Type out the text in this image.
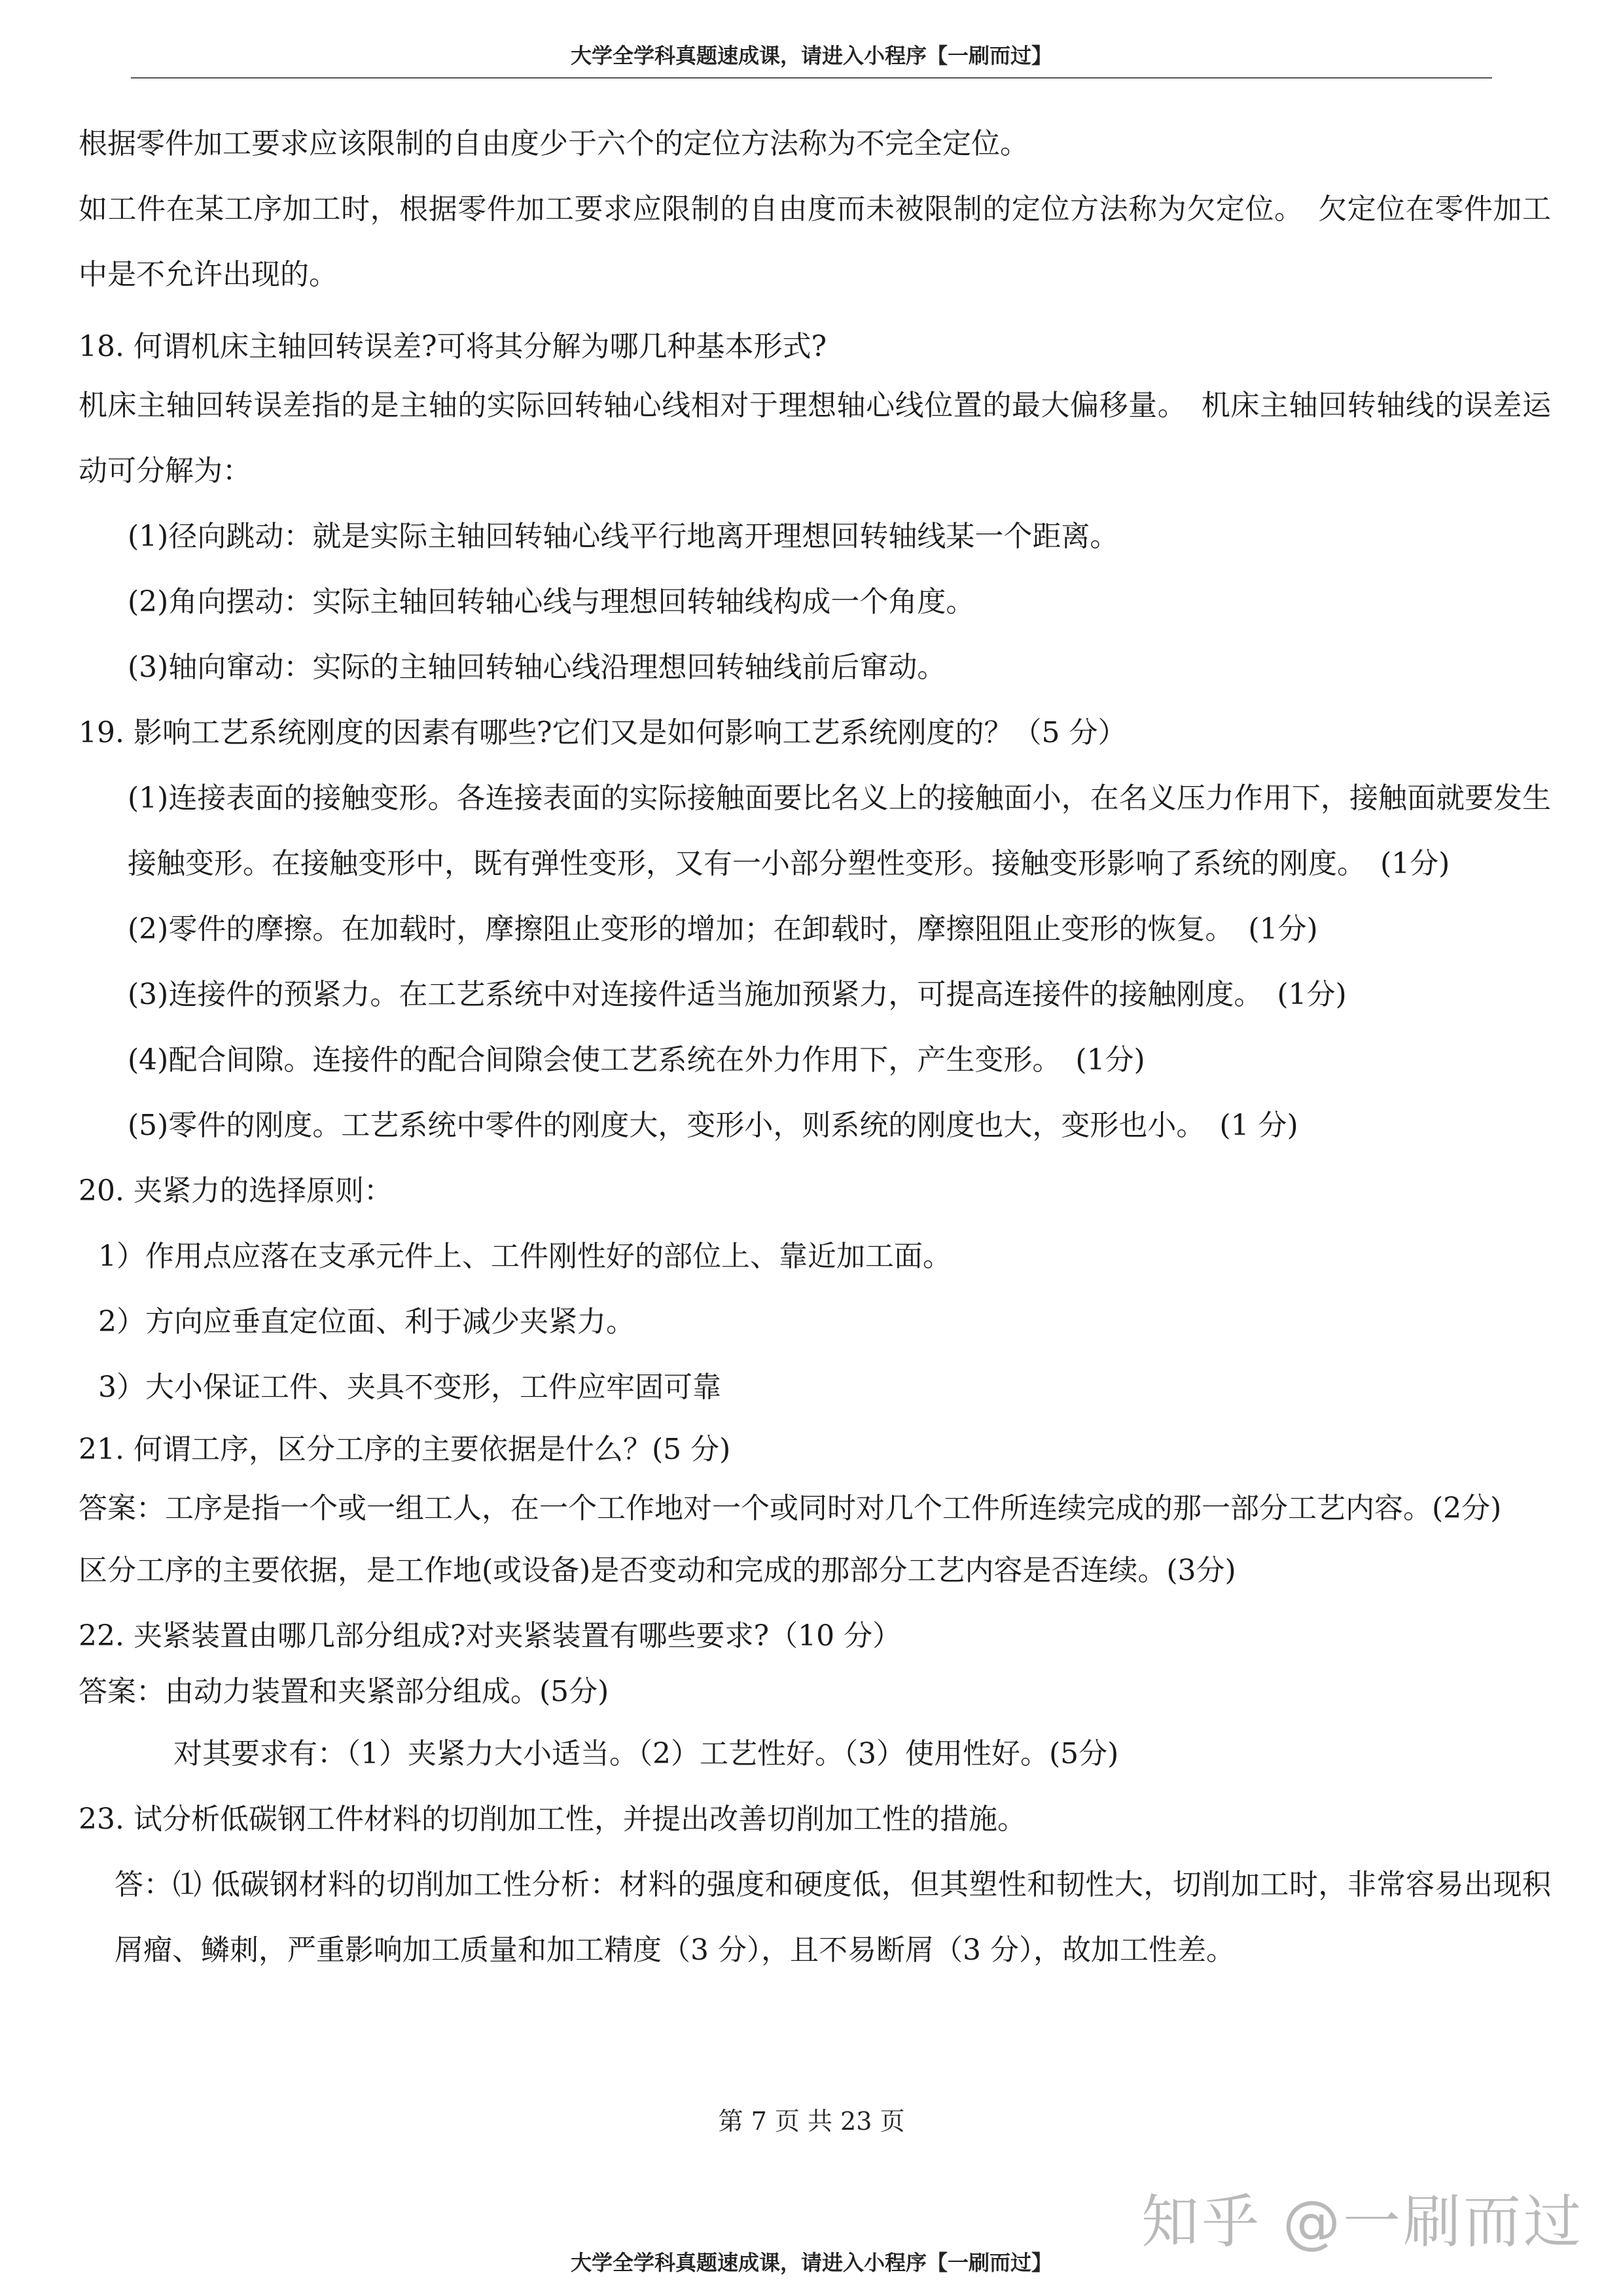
大学全学科真题速成课，请进入小程序【一刷而过】

根据零件加工要求应该限制的自由度少于六个的定位方法称为不完全定位。

如工件在某工序加工时，根据零件加工要求应限制的自由度而未被限制的定位方法称为欠定位。　欠定位在零件加工中是不允许出现的。

18. 何谓机床主轴回转误差?可将其分解为哪几种基本形式?

机床主轴回转误差指的是主轴的实际回转轴心线相对于理想轴心线位置的最大偏移量。　机床主轴回转轴线的误差运动可分解为：

(1)径向跳动：就是实际主轴回转轴心线平行地离开理想回转轴线某一个距离。

(2)角向摆动：实际主轴回转轴心线与理想回转轴线构成一个角度。

(3)轴向窜动：实际的主轴回转轴心线沿理想回转轴线前后窜动。

19. 影响工艺系统刚度的因素有哪些?它们又是如何影响工艺系统刚度的？（5 分）

(1)连接表面的接触变形。各连接表面的实际接触面要比名义上的接触面小，在名义压力作用下，接触面就要发生接触变形。在接触变形中，既有弹性变形，又有一小部分塑性变形。接触变形影响了系统的刚度。　(1分)

(2)零件的摩擦。在加载时，摩擦阻止变形的增加；在卸载时，摩擦阻阻止变形的恢复。　(1分)

(3)连接件的预紧力。在工艺系统中对连接件适当施加预紧力，可提高连接件的接触刚度。　(1分)

(4)配合间隙。连接件的配合间隙会使工艺系统在外力作用下，产生变形。　(1分)

(5)零件的刚度。工艺系统中零件的刚度大，变形小，则系统的刚度也大，变形也小。　(1 分)

20. 夹紧力的选择原则：

1）作用点应落在支承元件上、工件刚性好的部位上、靠近加工面。

2）方向应垂直定位面、利于减少夹紧力。

3）大小保证工件、夹具不变形，工件应牢固可靠

21. 何谓工序，区分工序的主要依据是什么？(5 分)

答案：工序是指一个或一组工人，在一个工作地对一个或同时对几个工件所连续完成的那一部分工艺内容。(2分)

区分工序的主要依据，是工作地(或设备)是否变动和完成的那部分工艺内容是否连续。(3分)

22. 夹紧装置由哪几部分组成?对夹紧装置有哪些要求?（10 分）

答案：由动力装置和夹紧部分组成。(5分)

对其要求有：（1）夹紧力大小适当。（2）工艺性好。（3）使用性好。(5分)

23. 试分析低碳钢工件材料的切削加工性，并提出改善切削加工性的措施。

答：⑴ 低碳钢材料的切削加工性分析：材料的强度和硬度低，但其塑性和韧性大，切削加工时，非常容易出现积屑瘤、鳞刺，严重影响加工质量和加工精度（3 分），且不易断屑（3 分），故加工性差。

第 7 页 共 23 页
知乎 @一刷而过
大学全学科真题速成课，请进入小程序【一刷而过】
